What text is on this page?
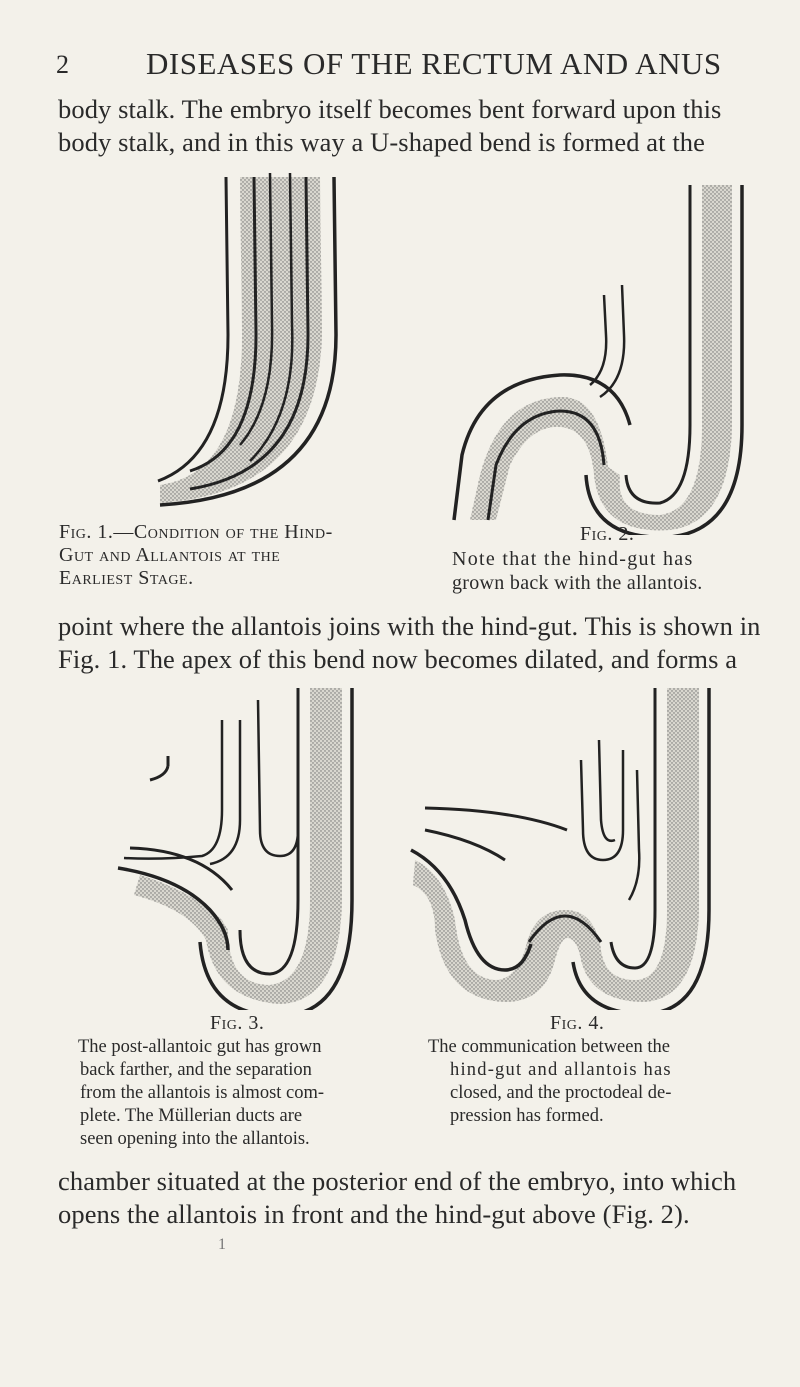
2 DISEASES OF THE RECTUM AND ANUS
body stalk. The embryo itself becomes bent forward upon this
body stalk, and in this way a U-shaped bend is formed at the
Fig. 1.—Condition of the Hind-
Gut and Allantois at the
Earliest Stage.
Fig. 2.
Note that the hind-gut has
grown back with the allantois.
point where the allantois joins with the hind-gut. This is shown in
Fig. 1. The apex of this bend now becomes dilated, and forms a
Fig. 3.
The post-allantoic gut has grown
back farther, and the separation
from the allantois is almost com-
plete. The Müllerian ducts are
seen opening into the allantois.
Fig. 4.
The communication between the
hind-gut and allantois has
closed, and the proctodeal de-
pression has formed.
chamber situated at the posterior end of the embryo, into which
opens the allantois in front and the hind-gut above (Fig. 2).
1
